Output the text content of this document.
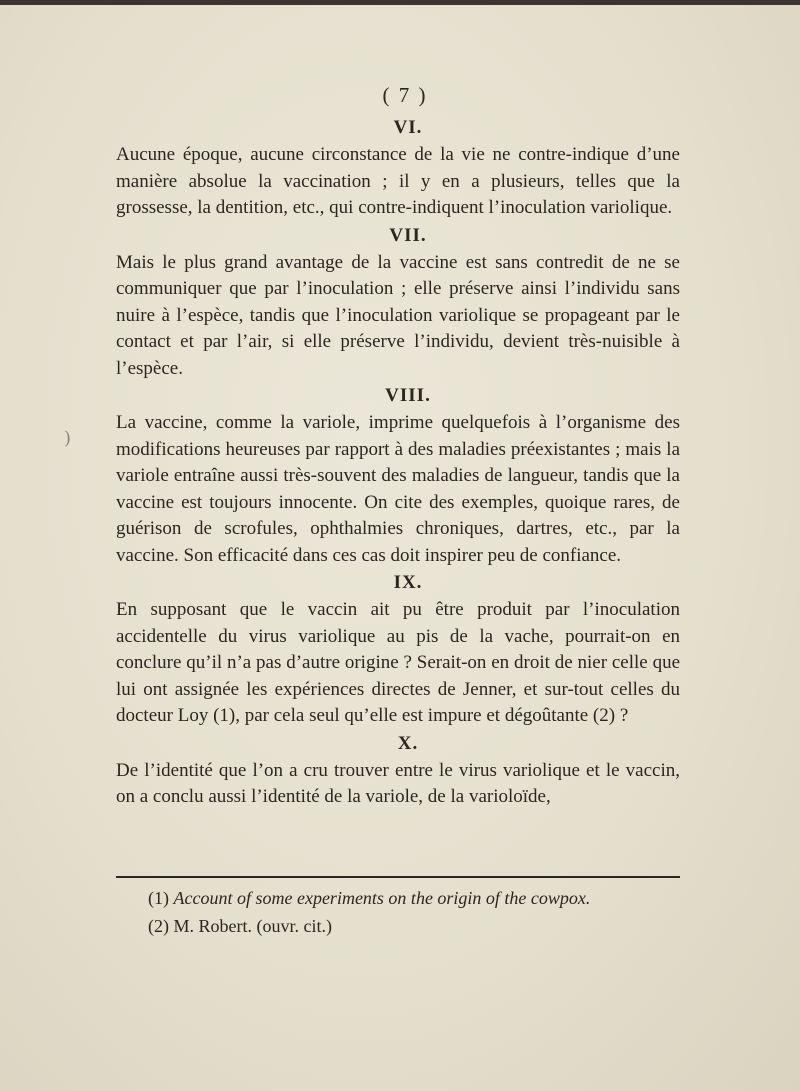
)
( 7 )
VI.

Aucune époque, aucune circonstance de la vie ne contre-indique d’une manière absolue la vaccination ; il y en a plusieurs, telles que la grossesse, la dentition, etc., qui contre-indiquent l’inoculation variolique.

VII.

Mais le plus grand avantage de la vaccine est sans contredit de ne se communiquer que par l’inoculation ; elle préserve ainsi l’individu sans nuire à l’espèce, tandis que l’inoculation variolique se propageant par le contact et par l’air, si elle préserve l’individu, devient très-nuisible à l’espèce.

VIII.

La vaccine, comme la variole, imprime quelquefois à l’organisme des modifications heureuses par rapport à des maladies préexistantes ; mais la variole entraîne aussi très-souvent des maladies de langueur, tandis que la vaccine est toujours innocente. On cite des exemples, quoique rares, de guérison de scrofules, ophthalmies chroniques, dartres, etc., par la vaccine. Son efficacité dans ces cas doit inspirer peu de confiance.

IX.

En supposant que le vaccin ait pu être produit par l’inoculation accidentelle du virus variolique au pis de la vache, pourrait-on en conclure qu’il n’a pas d’autre origine ? Serait-on en droit de nier celle que lui ont assignée les expériences directes de Jenner, et sur-tout celles du docteur Loy (1), par cela seul qu’elle est impure et dégoûtante (2) ?

X.

De l’identité que l’on a cru trouver entre le virus variolique et le vaccin, on a conclu aussi l’identité de la variole, de la varioloïde,

(1) Account of some experiments on the origin of the cowpox.

(2) M. Robert. (ouvr. cit.)
